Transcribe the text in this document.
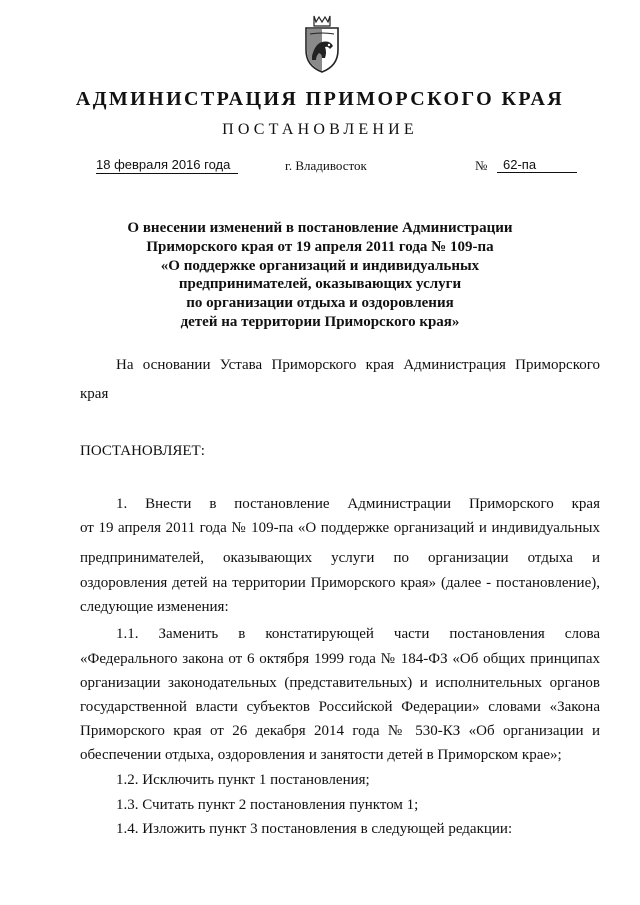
АДМИНИСТРАЦИЯ ПРИМОРСКОГО КРАЯ
ПОСТАНОВЛЕНИЕ
18 февраля 2016 года	г. Владивосток	№	62-па
О внесении изменений в постановление Администрации
Приморского края от 19 апреля 2011 года № 109-па
«О поддержке организаций и индивидуальных
предпринимателей, оказывающих услуги
по организации отдыха и оздоровления
детей на территории Приморского края»
На основании Устава Приморского края Администрация Приморского
края
ПОСТАНОВЛЯЕТ:
1. Внести в постановление Администрации Приморского края
от 19 апреля 2011 года № 109-па «О поддержке организаций и индивидуальных
предпринимателей, оказывающих услуги по организации отдыха и
оздоровления детей на территории Приморского края» (далее - постановление),
следующие изменения:
1.1. Заменить в констатирующей части постановления слова
«Федерального закона от 6 октября 1999 года № 184-ФЗ «Об общих принципах
организации законодательных (представительных) и исполнительных органов
государственной власти субъектов Российской Федерации» словами «Закона
Приморского края от 26 декабря 2014 года № 530-КЗ «Об организации и
обеспечении отдыха, оздоровления и занятости детей в Приморском крае»;
1.2. Исключить пункт 1 постановления;
1.3. Считать пункт 2 постановления пунктом 1;
1.4. Изложить пункт 3 постановления в следующей редакции:
